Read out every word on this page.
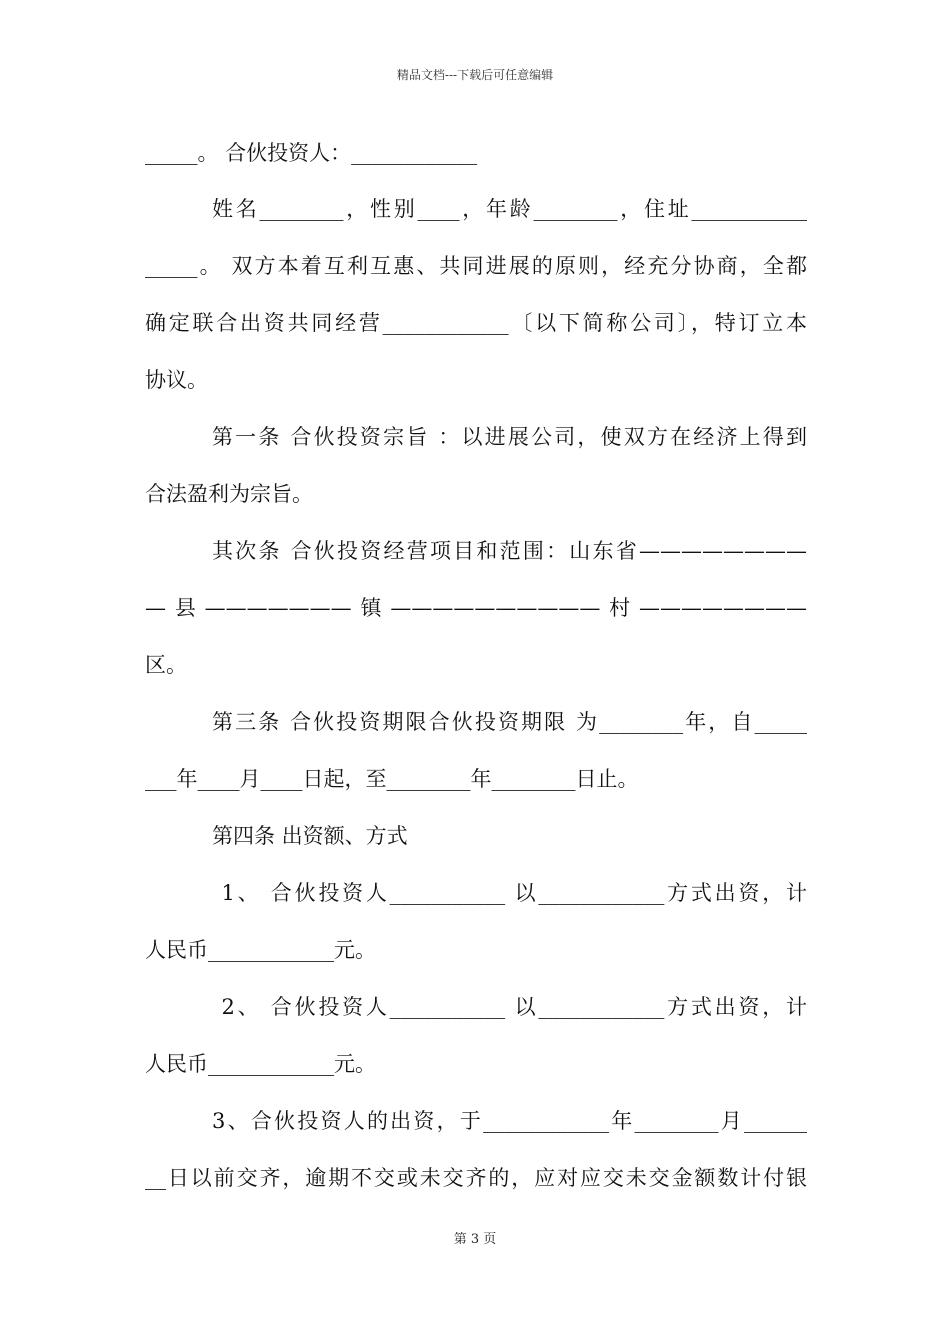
精品文档---下载后可任意编辑
_____。 合伙投资人：____________
姓名________，性别____，年龄________，住址___________
_____。 双方本着互利互惠、共同进展的原则，经充分协商，全都
确定联合出资共同经营____________〔以下简称公司〕，特订立本
协议。
第一条 合伙投资宗旨 ：以进展公司，使双方在经济上得到
合法盈利为宗旨。
其次条 合伙投资经营项目和范围：山东省————————
—县———————镇——————————村————————
区。
第三条 合伙投资期限合伙投资期限 为________年，自_____
___年____月____日起，至________年________日止。
第四条 出资额、方式
1、 合伙投资人___________ 以____________方式出资，计
人民币____________元。
2、 合伙投资人___________ 以____________方式出资，计
人民币____________元。
3、合伙投资人的出资，于____________年________月______
__日以前交齐，逾期不交或未交齐的，应对应交未交金额数计付银
第 3 页
